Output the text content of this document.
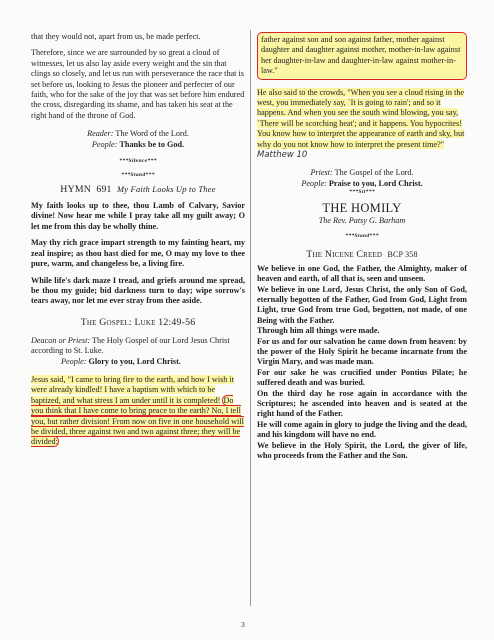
that they would not, apart from us, be made perfect.

Therefore, since we are surrounded by so great a cloud of witnesses, let us also lay aside every weight and the sin that clings so closely, and let us run with perseverance the race that is set before us, looking to Jesus the pioneer and perfecter of our faith, who for the sake of the joy that was set before him endured the cross, disregarding its shame, and has taken his seat at the right hand of the throne of God.

Reader: The Word of the Lord.

People: Thanks be to God.

***Silence***

***Stand***

HYMN 691 My Faith Looks Up to Thee

My faith looks up to thee, thou Lamb of Calvary, Savior divine! Now hear me while I pray take all my guilt away; O let me from this day be wholly thine.

May thy rich grace impart strength to my fainting heart, my zeal inspire; as thou hast died for me, O may my love to thee pure, warm, and changeless be, a living fire.

While life's dark maze I tread, and griefs around me spread, be thou my guide; bid darkness turn to day; wipe sorrow's tears away, nor let me ever stray from thee aside.

The Gospel: Luke 12:49-56

Deacon or Priest: The Holy Gospel of our Lord Jesus Christ according to St. Luke.

People: Glory to you, Lord Christ.

Jesus said, "I came to bring fire to the earth, and how I wish it were already kindled! I have a baptism with which to be baptized, and what stress I am under until it is completed! Do you think that I have come to bring peace to the earth? No, I tell you, but rather division! From now on five in one household will be divided, three against two and two against three; they will be divided:

father against son and son against father, mother against daughter and daughter against mother, mother-in-law against her daughter-in-law and daughter-in-law against mother-in-law."

He also said to the crowds, "When you see a cloud rising in the west, you immediately say, `It is going to rain'; and so it happens. And when you see the south wind blowing, you say, `There will be scorching heat'; and it happens. You hypocrites! You know how to interpret the appearance of earth and sky, but why do you not know how to interpret the present time?" Matthew 10

Priest: The Gospel of the Lord.

People: Praise to you, Lord Christ.

***Sit***

THE HOMILY

The Rev. Patsy G. Barham

***Stand***

The Nicene Creed BCP 358

We believe in one God, the Father, the Almighty, maker of heaven and earth, of all that is, seen and unseen.

We believe in one Lord, Jesus Christ, the only Son of God, eternally begotten of the Father, God from God, Light from Light, true God from true God, begotten, not made, of one Being with the Father.

Through him all things were made.

For us and for our salvation he came down from heaven: by the power of the Holy Spirit he became incarnate from the Virgin Mary, and was made man.

For our sake he was crucified under Pontius Pilate; he suffered death and was buried.

On the third day he rose again in accordance with the Scriptures; he ascended into heaven and is seated at the right hand of the Father.

He will come again in glory to judge the living and the dead, and his kingdom will have no end.

We believe in the Holy Spirit, the Lord, the giver of life, who proceeds from the Father and the Son.

3
